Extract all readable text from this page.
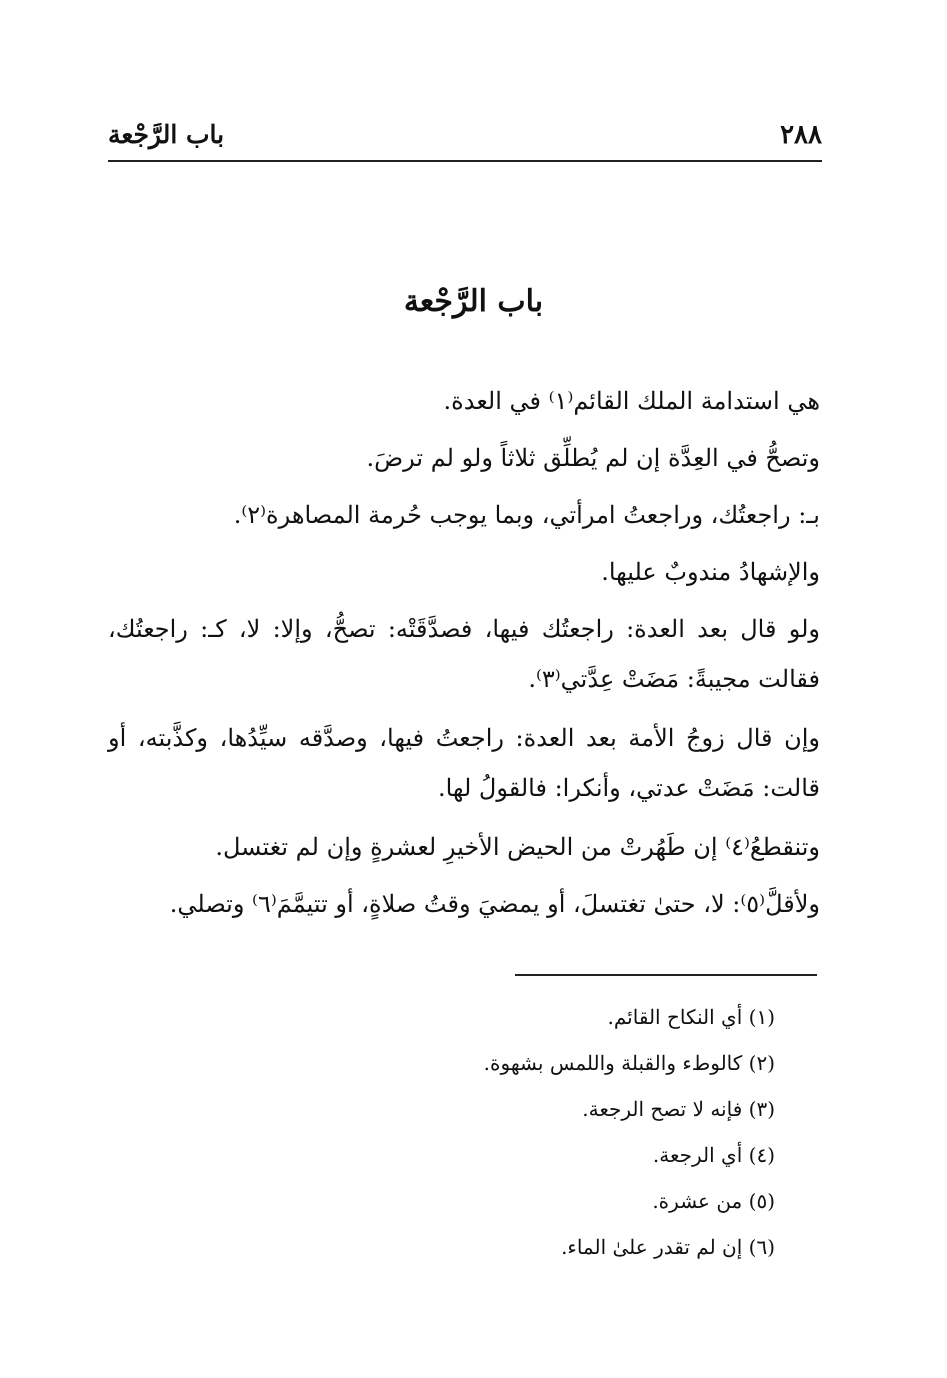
٢٨٨
باب الرَّجْعة
باب الرَّجْعة

هي استدامة الملك القائم⁽١⁾ في العدة.

وتصحُّ في العِدَّة إن لم يُطلِّق ثلاثاً ولو لم ترضَ.

بـ: راجعتُك، وراجعتُ امرأتي، وبما يوجب حُرمة المصاهرة⁽٢⁾.

والإشهادُ مندوبٌ عليها.

ولو قال بعد العدة: راجعتُك فيها، فصدَّقَتْه: تصحُّ، وإلا: لا، كـ: راجعتُك، فقالت مجيبةً: مَضَتْ عِدَّتي⁽٣⁾.

وإن قال زوجُ الأمة بعد العدة: راجعتُ فيها، وصدَّقه سيِّدُها، وكذَّبته، أو قالت: مَضَتْ عدتي، وأنكرا: فالقولُ لها.

وتنقطعُ⁽٤⁾ إن طَهُرتْ من الحيض الأخيرِ لعشرةٍ وإن لم تغتسل.

ولأقلَّ⁽٥⁾: لا، حتىٰ تغتسلَ، أو يمضيَ وقتُ صلاةٍ، أو تتيمَّمَ⁽٦⁾ وتصلي.

(١) أي النكاح القائم.
(٢) كالوطء والقبلة واللمس بشهوة.
(٣) فإنه لا تصح الرجعة.
(٤) أي الرجعة.
(٥) من عشرة.
(٦) إن لم تقدر علىٰ الماء.
